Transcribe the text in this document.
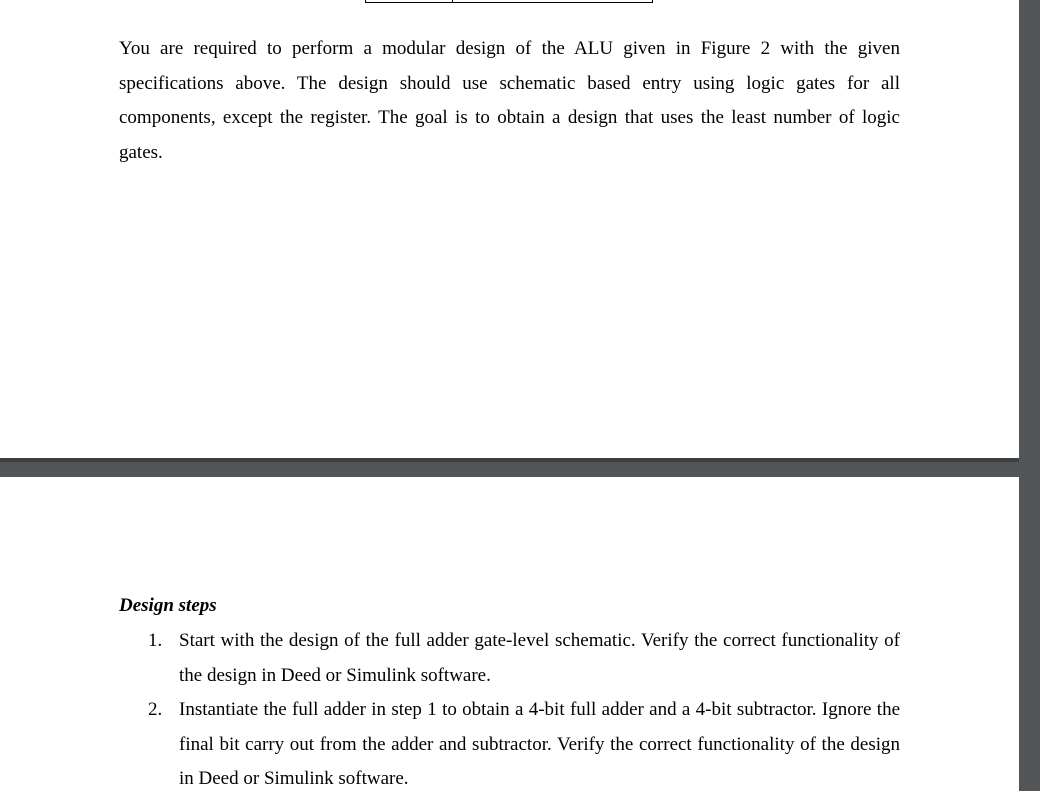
You are required to perform a modular design of the ALU given in Figure 2 with the given specifications above. The design should use schematic based entry using logic gates for all components, except the register. The goal is to obtain a design that uses the least number of logic gates.

Design steps
1. Start with the design of the full adder gate-level schematic. Verify the correct functionality of the design in Deed or Simulink software.
2. Instantiate the full adder in step 1 to obtain a 4-bit full adder and a 4-bit subtractor. Ignore the final bit carry out from the adder and subtractor. Verify the correct functionality of the design in Deed or Simulink software.
